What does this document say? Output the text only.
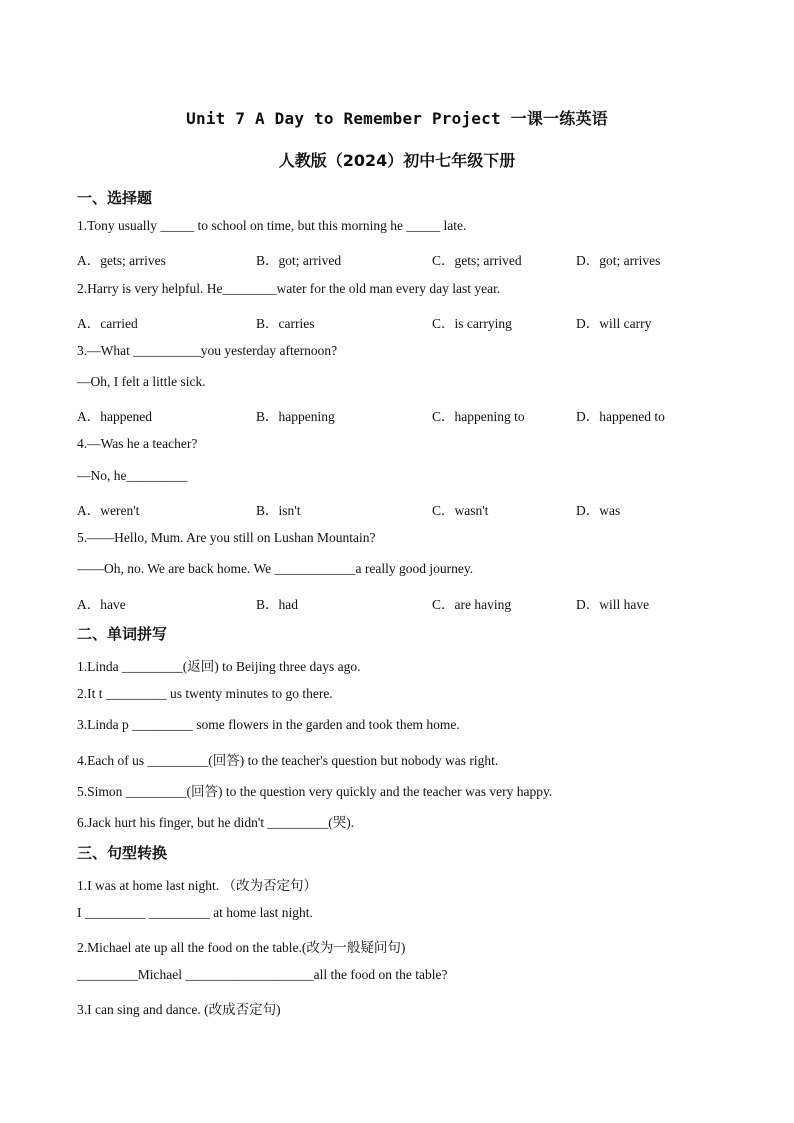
Unit 7 A Day to Remember Project 一课一练英语
人教版（2024）初中七年级下册
一、选择题
1.Tony usually _____ to school on time, but this morning he _____ late.
A．gets; arrives	B．got; arrived	C．gets; arrived	D．got; arrives
2.Harry is very helpful. He________water for the old man every day last year.
A．carried	B．carries	C．is carrying	D．will carry
3.—What __________you yesterday afternoon?
—Oh, I felt a little sick.
A．happened	B．happening	C．happening to	D．happened to
4.—Was he a teacher?
—No, he_________
A．weren't	B．isn't	C．wasn't	D．was
5.——Hello, Mum. Are you still on Lushan Mountain?
——Oh, no. We are back home. We ____________a really good journey.
A．have	B．had	C．are having	D．will have
二、单词拼写
1.Linda _________(返回) to Beijing three days ago.
2.It t _________ us twenty minutes to go there.
3.Linda p _________ some flowers in the garden and took them home.
4.Each of us _________(回答) to the teacher's question but nobody was right.
5.Simon _________(回答) to the question very quickly and the teacher was very happy.
6.Jack hurt his finger, but he didn't _________(哭).
三、句型转换
1.I was at home last night. （改为否定句）
I _________ _________ at home last night.
2.Michael ate up all the food on the table.(改为一般疑问句)
_________Michael ___________________all the food on the table?
3.I can sing and dance. (改成否定句)
